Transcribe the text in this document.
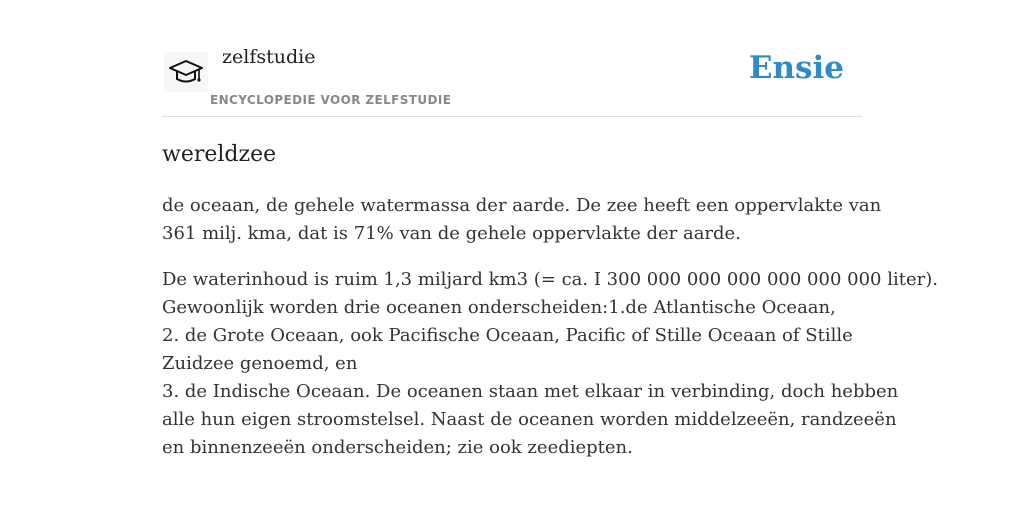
zelfstudie
ENCYCLOPEDIE VOOR ZELFSTUDIE
Ensie
wereldzee

de oceaan, de gehele watermassa der aarde. De zee heeft een oppervlakte van
361 milj. kma, dat is 71% van de gehele oppervlakte der aarde.

De waterinhoud is ruim 1,3 miljard km3 (= ca. I 300 000 000 000 000 000 000 liter).
Gewoonlijk worden drie oceanen onderscheiden:1.de Atlantische Oceaan,
2. de Grote Oceaan, ook Pacifische Oceaan, Pacific of Stille Oceaan of Stille
Zuidzee genoemd, en
3. de Indische Oceaan. De oceanen staan met elkaar in verbinding, doch hebben
alle hun eigen stroomstelsel. Naast de oceanen worden middelzeeën, randzeeën
en binnenzeeën onderscheiden; zie ook zeediepten.
